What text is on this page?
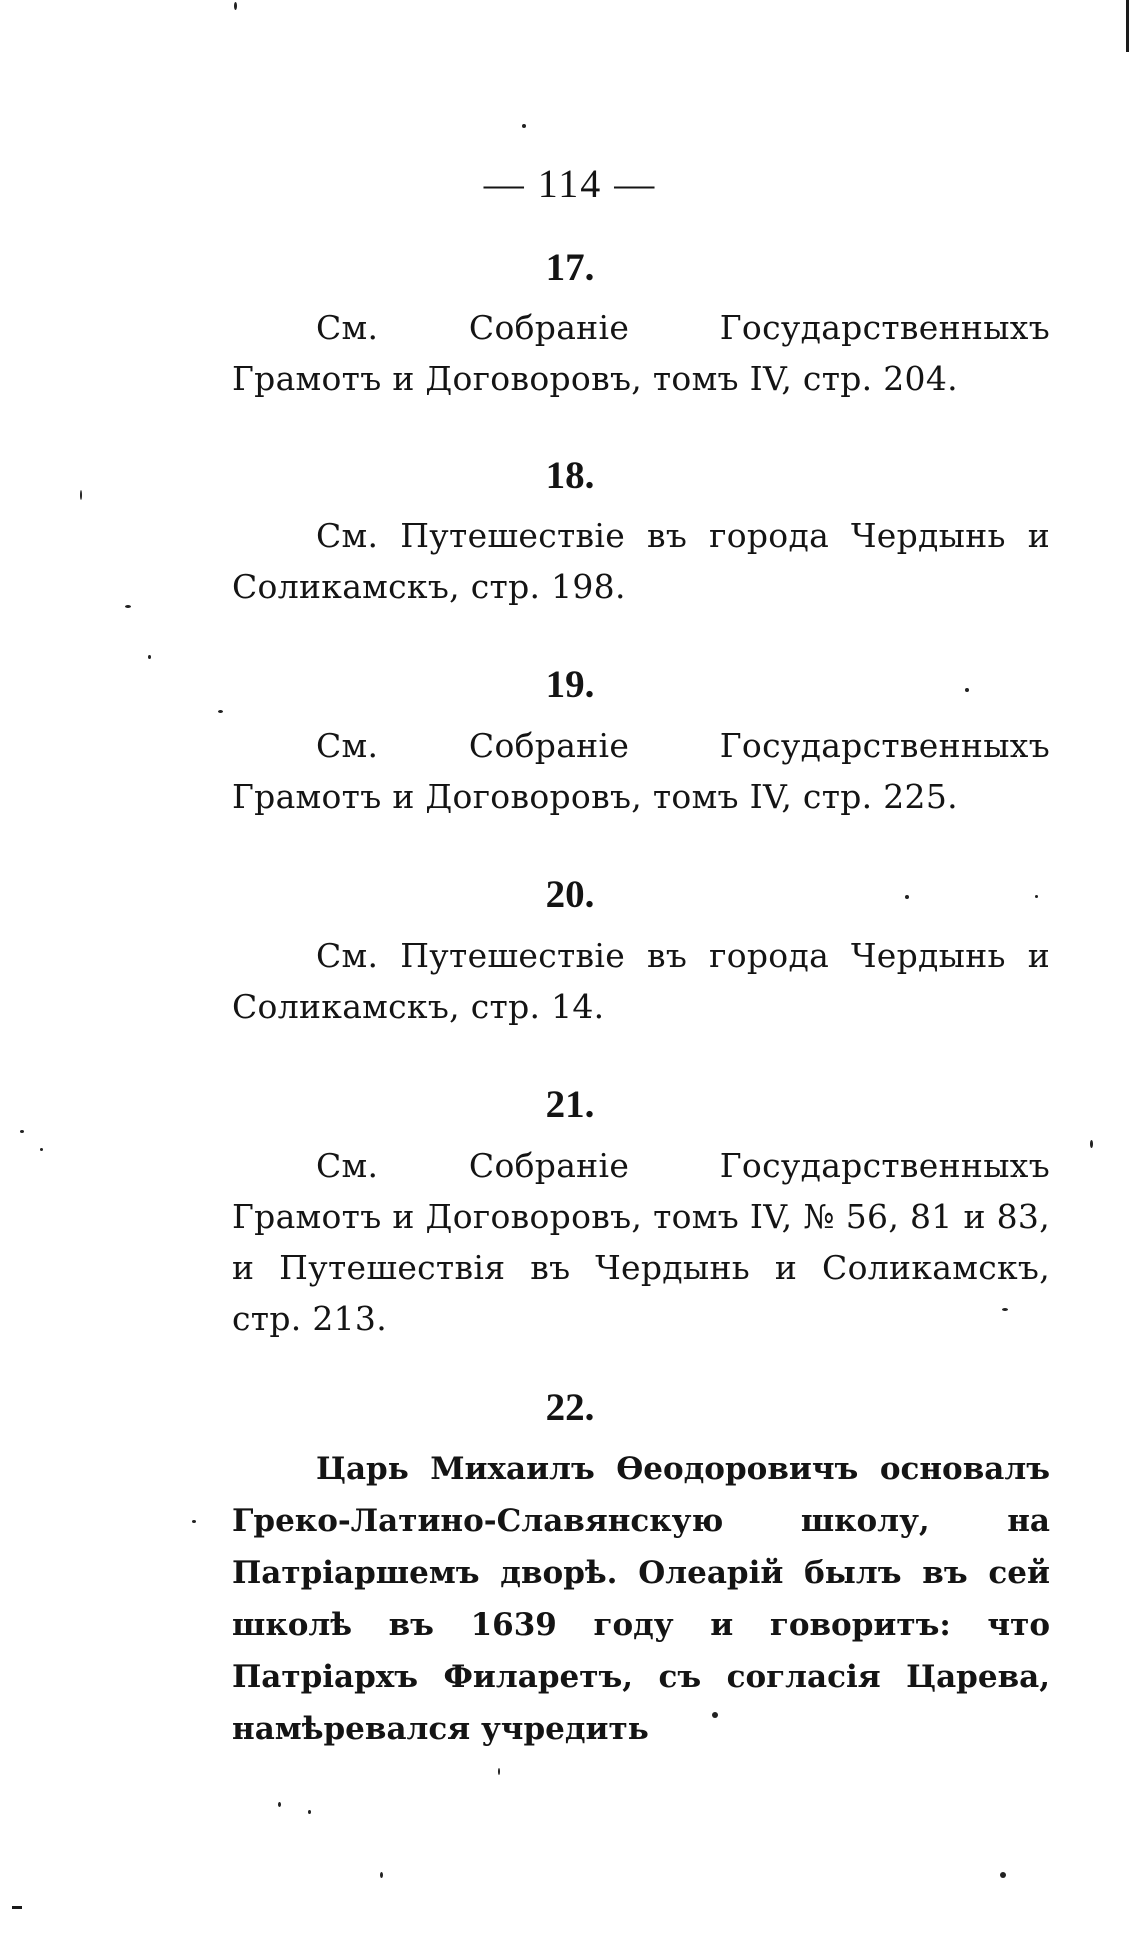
— 114 —
17.
См. Собраніе Государственныхъ Грамотъ и Договоровъ, томъ IV, стр. 204.
18.
См. Путешествіе въ города Чердынь и Соликамскъ, стр. 198.
19.
См. Собраніе Государственныхъ Грамотъ и Договоровъ, томъ IV, стр. 225.
20.
См. Путешествіе въ города Чердынь и Соликамскъ, стр. 14.
21.
См. Собраніе Государственныхъ Грамотъ и Договоровъ, томъ IV, № 56, 81 и 83, и Путешествія въ Чердынь и Соликамскъ, стр. 213.
22.
Царь Михаилъ Ѳеодоровичъ основалъ Греко-Латино-Славянскую школу, на Патріаршемъ дворѣ. Олеарій былъ въ сей школѣ въ 1639 году и говоритъ: что Патріархъ Филаретъ, съ согласія Царева, намѣревался учредить
